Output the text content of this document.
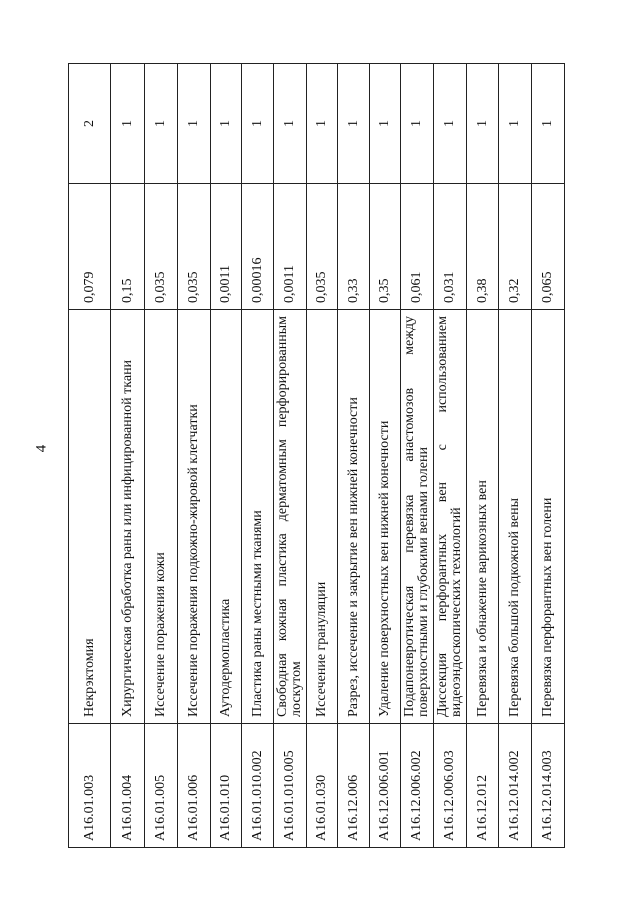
4
А16.01.003	Некрэктомия	0,079	2
А16.01.004	Хирургическая обработка раны или инфицированной ткани	0,15	1
А16.01.005	Иссечение поражения кожи	0,035	1
А16.01.006	Иссечение поражения подкожно-жировой клетчатки	0,035	1
А16.01.010	Аутодермопластика	0,0011	1
А16.01.010.002	Пластика раны местными тканями	0,00016	1
А16.01.010.005	Свободная кожная пластика дерматомным перфорированным лоскутом	0,0011	1
А16.01.030	Иссечение грануляции	0,035	1
А16.12.006	Разрез, иссечение и закрытие вен нижней конечности	0,33	1
А16.12.006.001	Удаление поверхностных вен нижней конечности	0,35	1
А16.12.006.002	Подапоневротическая перевязка анастомозов между поверхностными и глубокими венами голени	0,061	1
А16.12.006.003	Диссекция перфорантных вен с использованием видеоэндоскопических технологий	0,031	1
А16.12.012	Перевязка и обнажение варикозных вен	0,38	1
А16.12.014.002	Перевязка большой подкожной вены	0,32	1
А16.12.014.003	Перевязка перфорантных вен голени	0,065	1
